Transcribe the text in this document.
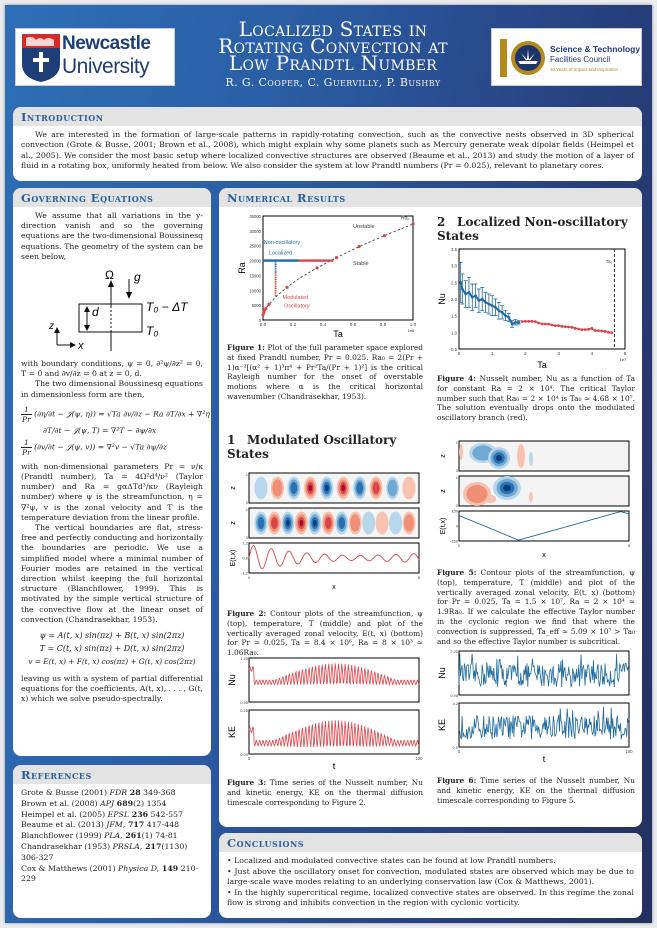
Newcastle
University
Localized States in
Rotating Convection at
Low Prandtl Number
R. G. Cooper, C. Guervilly, P. Bushby
Science & Technology
Facilities Council
10 Years of Impact and Inspiration
Introduction
We are interested in the formation of large-scale patterns in rapidly-rotating convection, such as the convective nests observed in 3D spherical convection (Grote & Busse, 2001; Brown et al., 2008), which might explain why some planets such as Mercury generate weak dipolar fields (Heimpel et al., 2005). We consider the most basic setup where localized convective structures are observed (Beaume et al., 2013) and study the motion of a layer of fluid in a rotating box, uniformly heated from below. We also consider the system at low Prandtl numbers (Pr = 0.025), relevant to planetary cores.
Governing Equations

We assume that all variations in the y-direction vanish and so the governing equations are the two-dimensional Boussinesq equations. The geometry of the system can be seen below,

Ω g
T₀ − ΔT
T₀
d
z
x

with boundary conditions, ψ = 0, ∂²ψ/∂z² = 0, T = 0 and ∂v/∂z = 0 at z = 0, d.

The two dimensional Boussinesq equations in dimensionless form are then,

$\frac{1}{Pr} (\partial\eta/\partial t$ − 𝒥(ψ, η)) = √Ta ∂v/∂z − Ra ∂T/∂x + ∇²η
∂T/∂t − 𝒥(ψ, T) = ∇²T − ∂ψ/∂x
$\frac{1}{Pr} (\partial v/\partial t$ − 𝒥(ψ, v)) = ∇²v − √Ta ∂ψ/∂z

with non-dimensional parameters Pr = ν/κ (Prandtl number), Ta = 4Ω²d⁴/ν² (Taylor number) and Ra = gαΔTd³/κν (Rayleigh number) where ψ is the streamfunction, η = ∇²ψ, v is the zonal velocity and T is the temperature deviation from the linear profile.

The vertical boundaries are flat, stress-free and perfectly conducting and horizontally the boundaries are periodic. We use a simplified model where a minimal number of Fourier modes are retained in the vertical direction whilst keeping the full horizontal structure (Blanchflower, 1999). This is motivated by the simple vertical structure of the convective flow at the linear onset of convection (Chandrasekhar, 1953).

ψ = A(t, x) sin(πz) + B(t, x) sin(2πz)
T = C(t, x) sin(πz) + D(t, x) sin(2πz)
v = E(t, x) + F(t, x) cos(πz) + G(t, x) cos(2πz)

leaving us with a system of partial differential equations for the coefficients, A(t, x), . . . , G(t, x) which we solve pseudo-spectrally.

References
Grote & Busse (2001) FDR 28 349-368
Brown et al. (2008) APJ 689(2) 1354
Heimpel et al. (2005) EPSL 236 542-557
Beaume et al. (2013) JFM, 717 417-448
Blanchflower (1999) PLA, 261(1) 74-81
Chandrasekhar (1953) PRSLA, 217(1130) 306-327
Cox & Matthews (2001) Physica D, 149 210-229
Numerical Results
0
5000
10000
15000
20000
25000
30000
35000
0.0	0.2	0.4	0.6	0.8	1.0
1e8
Ta
Ra
Unstable
Stable
Non-oscillatory
Localized
Modulated
Oscillatory
Ra₀
Figure 1: Plot of the full parameter space explored at fixed Prandtl number, Pr = 0.025. Ra₀ = 2(Pr + 1)α⁻²[(α² + 1)³π⁴ + Pr²Ta/(Pr + 1)²] is the critical Rayleigh number for the onset of overstable motions where α is the critical horizontal wavenumber (Chandrasekhar, 1953).
1 Modulated Oscillatory States
z
1
0
z
1
0
E(t,x)
-1.2
0.0
1.2
0	8
x
Figure 2: Contour plots of the streamfunction, ψ (top), temperature, T (middle) and plot of the vertically averaged zonal velocity, E(t, x) (bottom) for Pr = 0.025, Ta = 8.4 × 10⁶, Ra = 8 × 10³ ≈ 1.06Ra₀.
1.20
0.95
Nu
0.25
0.00
KE
0	100
t
Figure 3: Time series of the Nusselt number, Nu and kinetic energy, KE on the thermal diffusion timescale corresponding to Figure 2.
2 Localized Non-oscillatory States
0.5
1.0
1.5
2.0
2.5
3.0
3.5
0	1	2	3	4	5
1e7
Ta
Nu
Ta₀
Figure 4: Nusselt number, Nu as a function of Ta for constant Ra = 2 × 10⁴. The critical Taylor number such that Ra₀ = 2 × 10⁴ is Ta₀ ≈ 4.68 × 10⁷. The solution eventually drops onto the modulated oscillatory branch (red).
z
1
0
z
1
0
E(t,x)
-150
0
150
0	8
x
Figure 5: Contour plots of the streamfunction, ψ (top), temperature, T (middle) and plot of the vertically averaged zonal velocity, E(t, x) (bottom) for Pr = 0.025, Ta = 1.5 × 10⁷, Ra = 2 × 10⁴ ≈ 1.9Ra₀. If we calculate the effective Taylor number in the cyclonic region we find that where the convection is suppressed, Ta_eff ≈ 5.09 × 10⁷ > Ta₀ and so the effective Taylor number is subcritical.
2.20
0.95
Nu
4.2
0.0
KE
0	100
t
Figure 6: Time series of the Nusselt number, Nu and kinetic energy, KE on the thermal diffusion timescale corresponding to Figure 5.
Conclusions
• Localized and modulated convective states can be found at low Prandtl numbers.
• Just above the oscillatory onset for convection, modulated states are observed which may be due to large-scale wave modes relating to an underlying conservation law (Cox & Matthews, 2001).
• In the highly supercritical regime, localized convective states are observed. In this regime the zonal flow is strong and inhibits convection in the region with cyclonic vorticity.
